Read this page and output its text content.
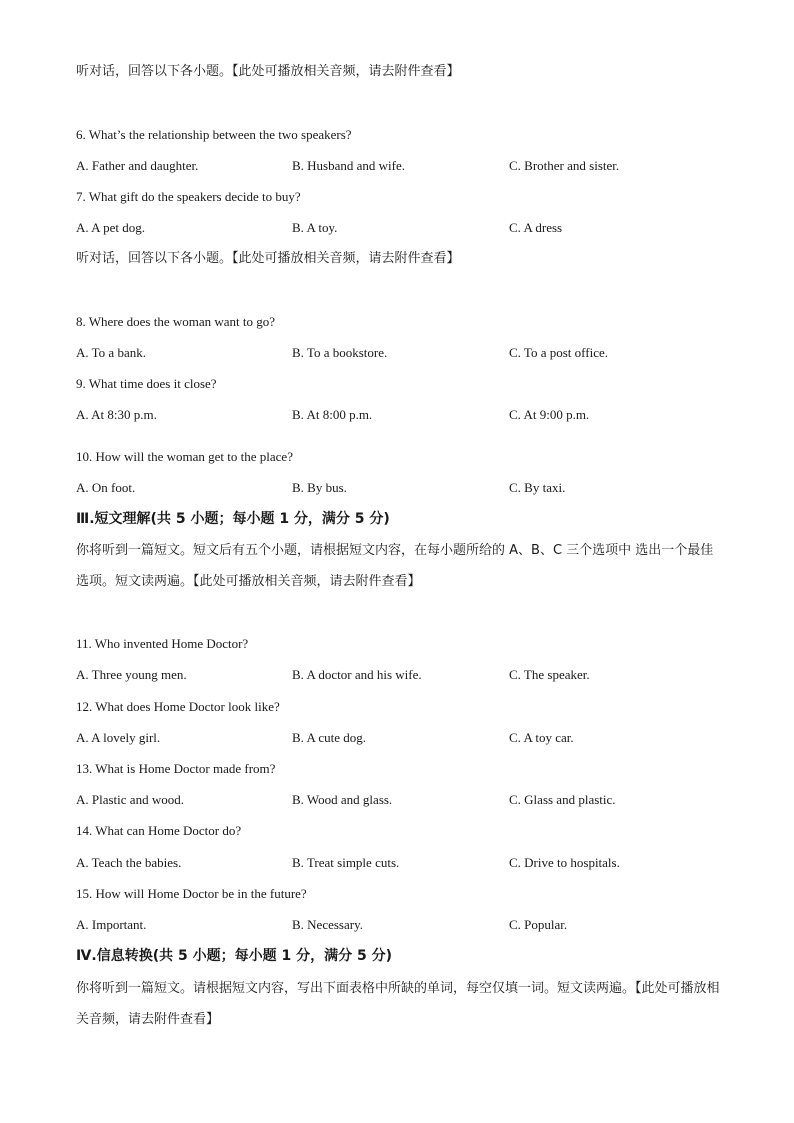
听对话，回答以下各小题。【此处可播放相关音频，请去附件查看】
6. What’s the relationship between the two speakers?
A. Father and daughter.	B. Husband and wife.	C. Brother and sister.
7. What gift do the speakers decide to buy?
A. A pet dog.	B. A toy.	C. A dress
听对话，回答以下各小题。【此处可播放相关音频，请去附件查看】
8. Where does the woman want to go?
A. To a bank.	B. To a bookstore.	C. To a post office.
9. What time does it close?
A. At 8:30 p.m.	B. At 8:00 p.m.	C. At 9:00 p.m.
10. How will the woman get to the place?
A. On foot.	B. By bus.	C. By taxi.
Ⅲ.短文理解(共 5 小题；每小题 1 分，满分 5 分)
你将听到一篇短文。短文后有五个小题，请根据短文内容，在每小题所给的 A、B、C 三个选项中 选出一个最佳选项。短文读两遍。【此处可播放相关音频，请去附件查看】
11. Who invented Home Doctor?
A. Three young men.	B. A doctor and his wife.	C. The speaker.
12. What does Home Doctor look like?
A. A lovely girl.	B. A cute dog.	C. A toy car.
13. What is Home Doctor made from?
A. Plastic and wood.	B. Wood and glass.	C. Glass and plastic.
14. What can Home Doctor do?
A. Teach the babies.	B. Treat simple cuts.	C. Drive to hospitals.
15. How will Home Doctor be in the future?
A. Important.	B. Necessary.	C. Popular.
Ⅳ.信息转换(共 5 小题；每小题 1 分，满分 5 分)
你将听到一篇短文。请根据短文内容，写出下面表格中所缺的单词，每空仅填一词。短文读两遍。【此处可播放相关音频，请去附件查看】
